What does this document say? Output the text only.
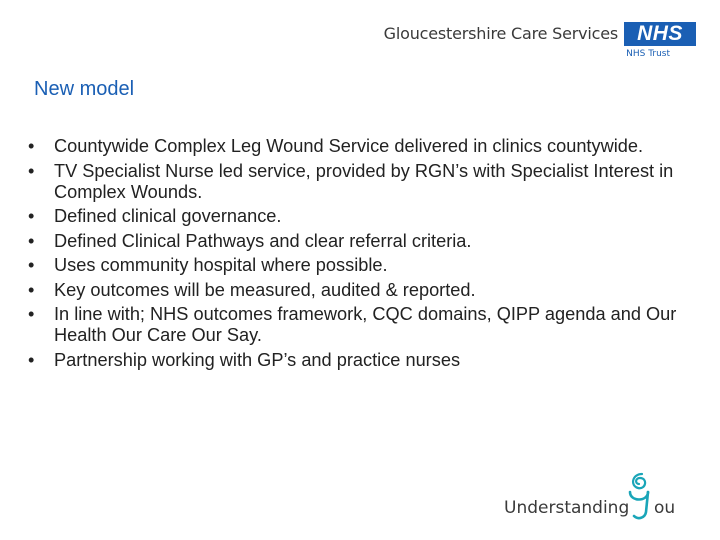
Gloucestershire Care Services NHS
NHS Trust
New model
• Countywide Complex Leg Wound Service delivered in clinics countywide.
• TV Specialist Nurse led service, provided by RGN’s with Specialist Interest in Complex Wounds.
• Defined clinical governance.
• Defined Clinical Pathways and clear referral criteria.
• Uses community hospital where possible.
• Key outcomes will be measured, audited & reported.
• In line with; NHS outcomes framework, CQC domains, QIPP agenda and Our Health Our Care Our Say.
• Partnership working with GP’s and practice nurses
Understanding ou
